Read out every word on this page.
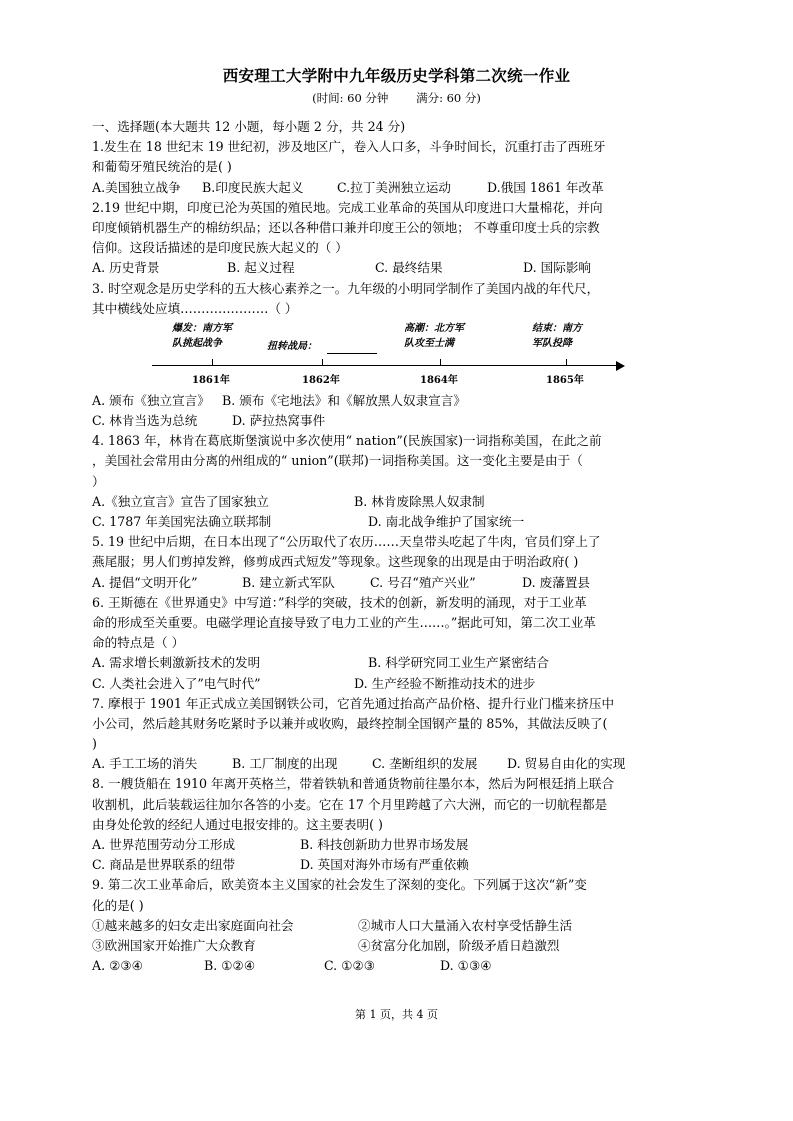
西安理工大学附中九年级历史学科第二次统一作业
(时间: 60 分钟 满分: 60 分)
一、选择题(本大题共 12 小题，每小题 2 分，共 24 分)
1.发生在 18 世纪末 19 世纪初，涉及地区广，卷入人口多，斗争时间长，沉重打击了西班牙
和葡萄牙殖民统治的是( )
A.美国独立战争	B.印度民族大起义	C.拉丁美洲独立运动	D.俄国 1861 年改革
2.19 世纪中期，印度已沦为英国的殖民地。完成工业革命的英国从印度进口大量棉花，并向
印度倾销机器生产的棉纺织品；还以各种借口兼并印度王公的领地； 不尊重印度士兵的宗教
信仰。这段话描述的是印度民族大起义的（ ）
A. 历史背景	B. 起义过程	C. 最终结果	D. 国际影响
3. 时空观念是历史学科的五大核心素养之一。九年级的小明同学制作了美国内战的年代尺，
其中横线处应填…………………（ ）
爆发：南方军
队挑起战争	扭转战局：
高潮：北方军
队攻至士满
结束：南方
军队投降
1861年	1862年	1864年	1865年
A. 颁布《独立宣言》 B. 颁布《宅地法》和《解放黑人奴隶宣言》
C. 林肯当选为总统	D. 萨拉热窝事件
4. 1863 年，林肯在葛底斯堡演说中多次使用“ nation”(民族国家)一词指称美国，在此之前
，美国社会常用由分离的州组成的“ union”(联邦)一词指称美国。这一变化主要是由于（
）
A.《独立宣言》宣告了国家独立	B. 林肯废除黑人奴隶制
C. 1787 年美国宪法确立联邦制	D. 南北战争维护了国家统一
5. 19 世纪中后期，在日本出现了“公历取代了农历……天皇带头吃起了牛肉，官员们穿上了
燕尾服；男人们剪掉发辫，修剪成西式短发”等现象。这些现象的出现是由于明治政府( )
A. 提倡“文明开化”	B. 建立新式军队	C. 号召“殖产兴业”	D. 废藩置县
6. 王斯德在《世界通史》中写道：”科学的突破，技术的创新，新发明的涌现，对于工业革
命的形成至关重要。电磁学理论直接导致了电力工业的产生……。”据此可知，第二次工业革
命的特点是（ ）
A. 需求增长刺激新技术的发明	B. 科学研究同工业生产紧密结合
C. 人类社会进入了”电气时代”	D. 生产经验不断推动技术的进步
7. 摩根于 1901 年正式成立美国钢铁公司，它首先通过抬高产品价格、提升行业门槛来挤压中
小公司，然后趁其财务吃紧时予以兼并或收购，最终控制全国钢产量的 85%，其做法反映了(
)
A. 手工工场的消失	B. 工厂制度的出现	C. 垄断组织的发展	D. 贸易自由化的实现
8. 一艘货船在 1910 年离开英格兰，带着铁轨和普通货物前往墨尔本，然后为阿根廷捎上联合
收割机，此后装载运往加尔各答的小麦。它在 17 个月里跨越了六大洲，而它的一切航程都是
由身处伦敦的经纪人通过电报安排的。这主要表明( )
A. 世界范围劳动分工形成	B. 科技创新助力世界市场发展
C. 商品是世界联系的纽带	D. 英国对海外市场有严重依赖
9. 第二次工业革命后，欧美资本主义国家的社会发生了深刻的变化。下列属于这次“新”变
化的是( )
①越来越多的妇女走出家庭面向社会	②城市人口大量涌入农村享受恬静生活
③欧洲国家开始推广大众教育	④贫富分化加剧，阶级矛盾日趋激烈
A. ②③④	B. ①②④	C. ①②③	D. ①③④
第 1 页，共 4 页
